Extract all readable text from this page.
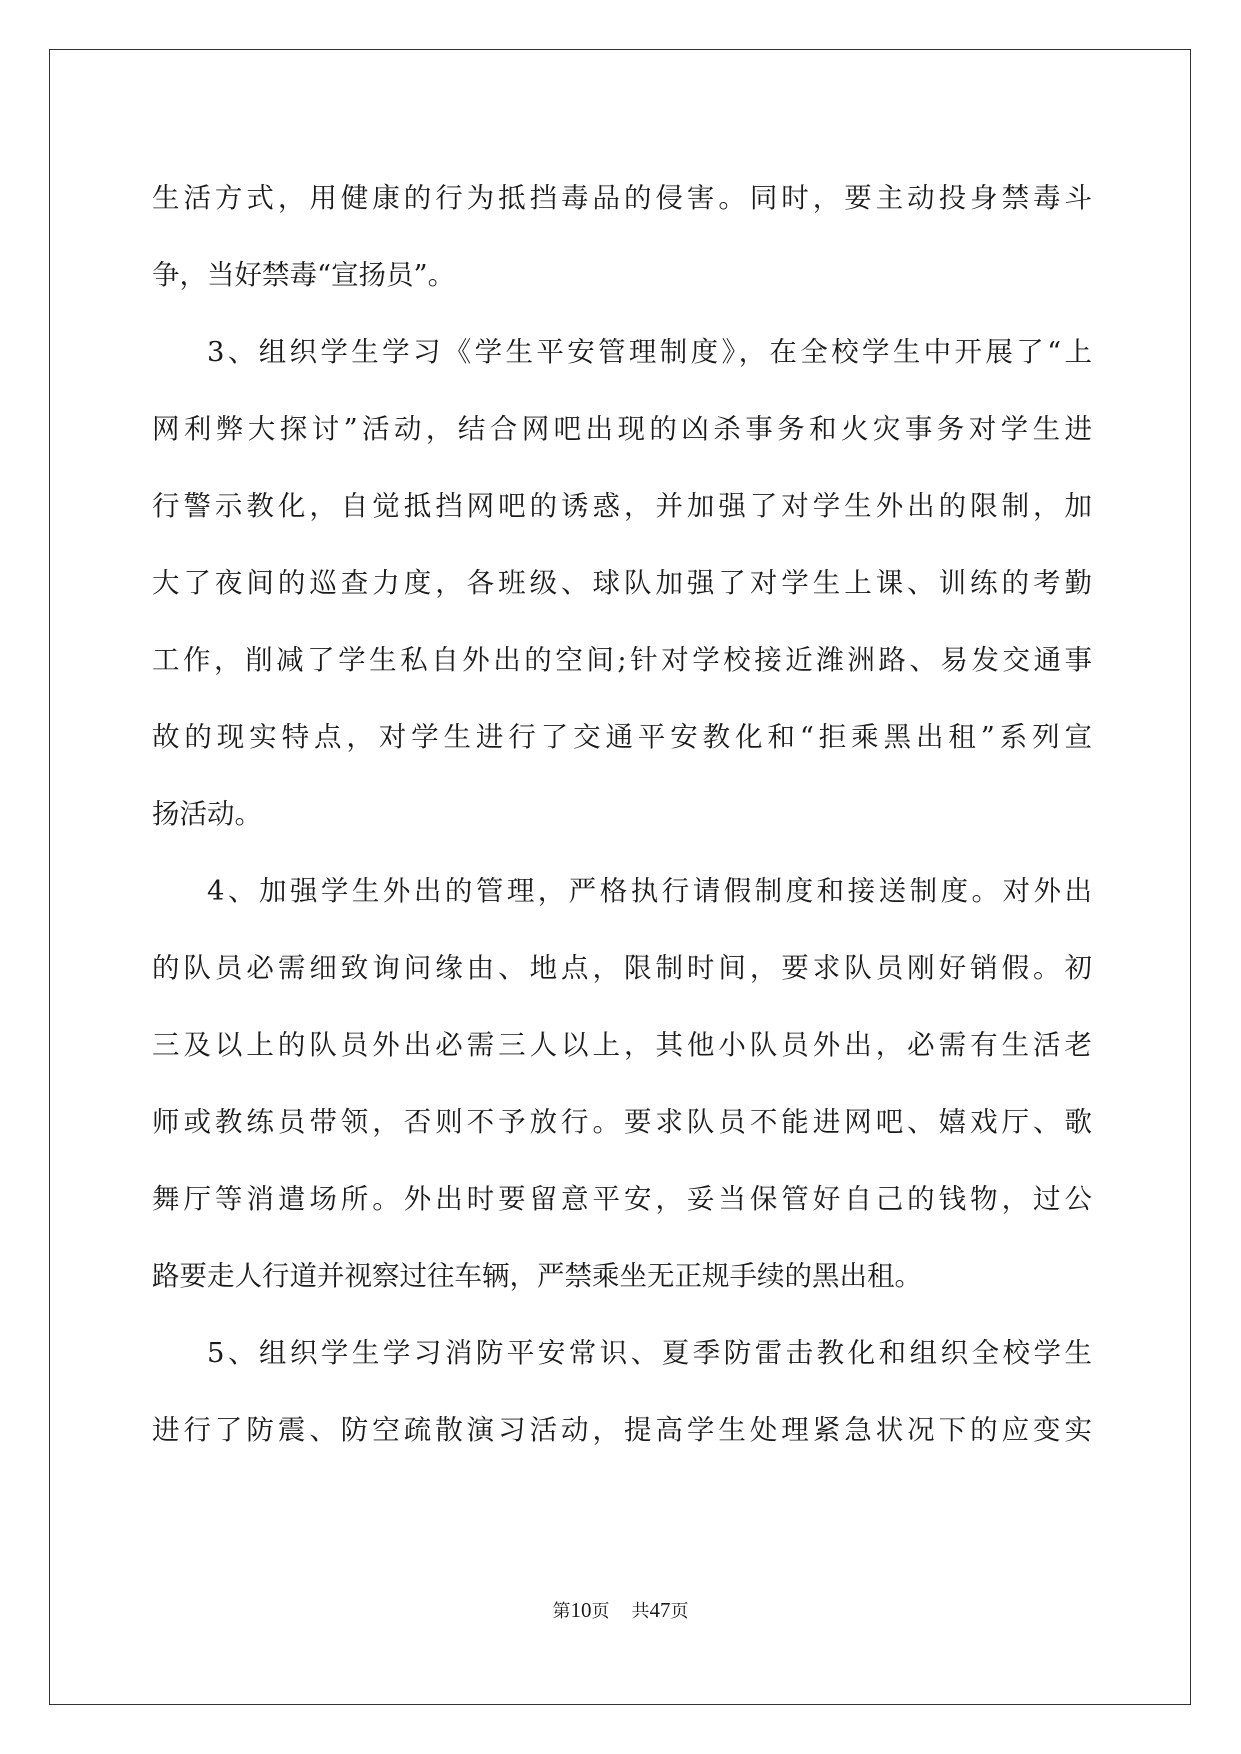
生活方式，用健康的行为抵挡毒品的侵害。同时，要主动投身禁毒斗
争，当好禁毒“宣扬员”。
3、组织学生学习《学生平安管理制度》，在全校学生中开展了“上
网利弊大探讨”活动，结合网吧出现的凶杀事务和火灾事务对学生进
行警示教化，自觉抵挡网吧的诱惑，并加强了对学生外出的限制，加
大了夜间的巡查力度，各班级、球队加强了对学生上课、训练的考勤
工作，削减了学生私自外出的空间;针对学校接近潍洲路、易发交通事
故的现实特点，对学生进行了交通平安教化和“拒乘黑出租”系列宣
扬活动。
4、加强学生外出的管理，严格执行请假制度和接送制度。对外出
的队员必需细致询问缘由、地点，限制时间，要求队员刚好销假。初
三及以上的队员外出必需三人以上，其他小队员外出，必需有生活老
师或教练员带领，否则不予放行。要求队员不能进网吧、嬉戏厅、歌
舞厅等消遣场所。外出时要留意平安，妥当保管好自己的钱物，过公
路要走人行道并视察过往车辆，严禁乘坐无正规手续的黑出租。
5、组织学生学习消防平安常识、夏季防雷击教化和组织全校学生
进行了防震、防空疏散演习活动，提高学生处理紧急状况下的应变实
第10页 共47页
